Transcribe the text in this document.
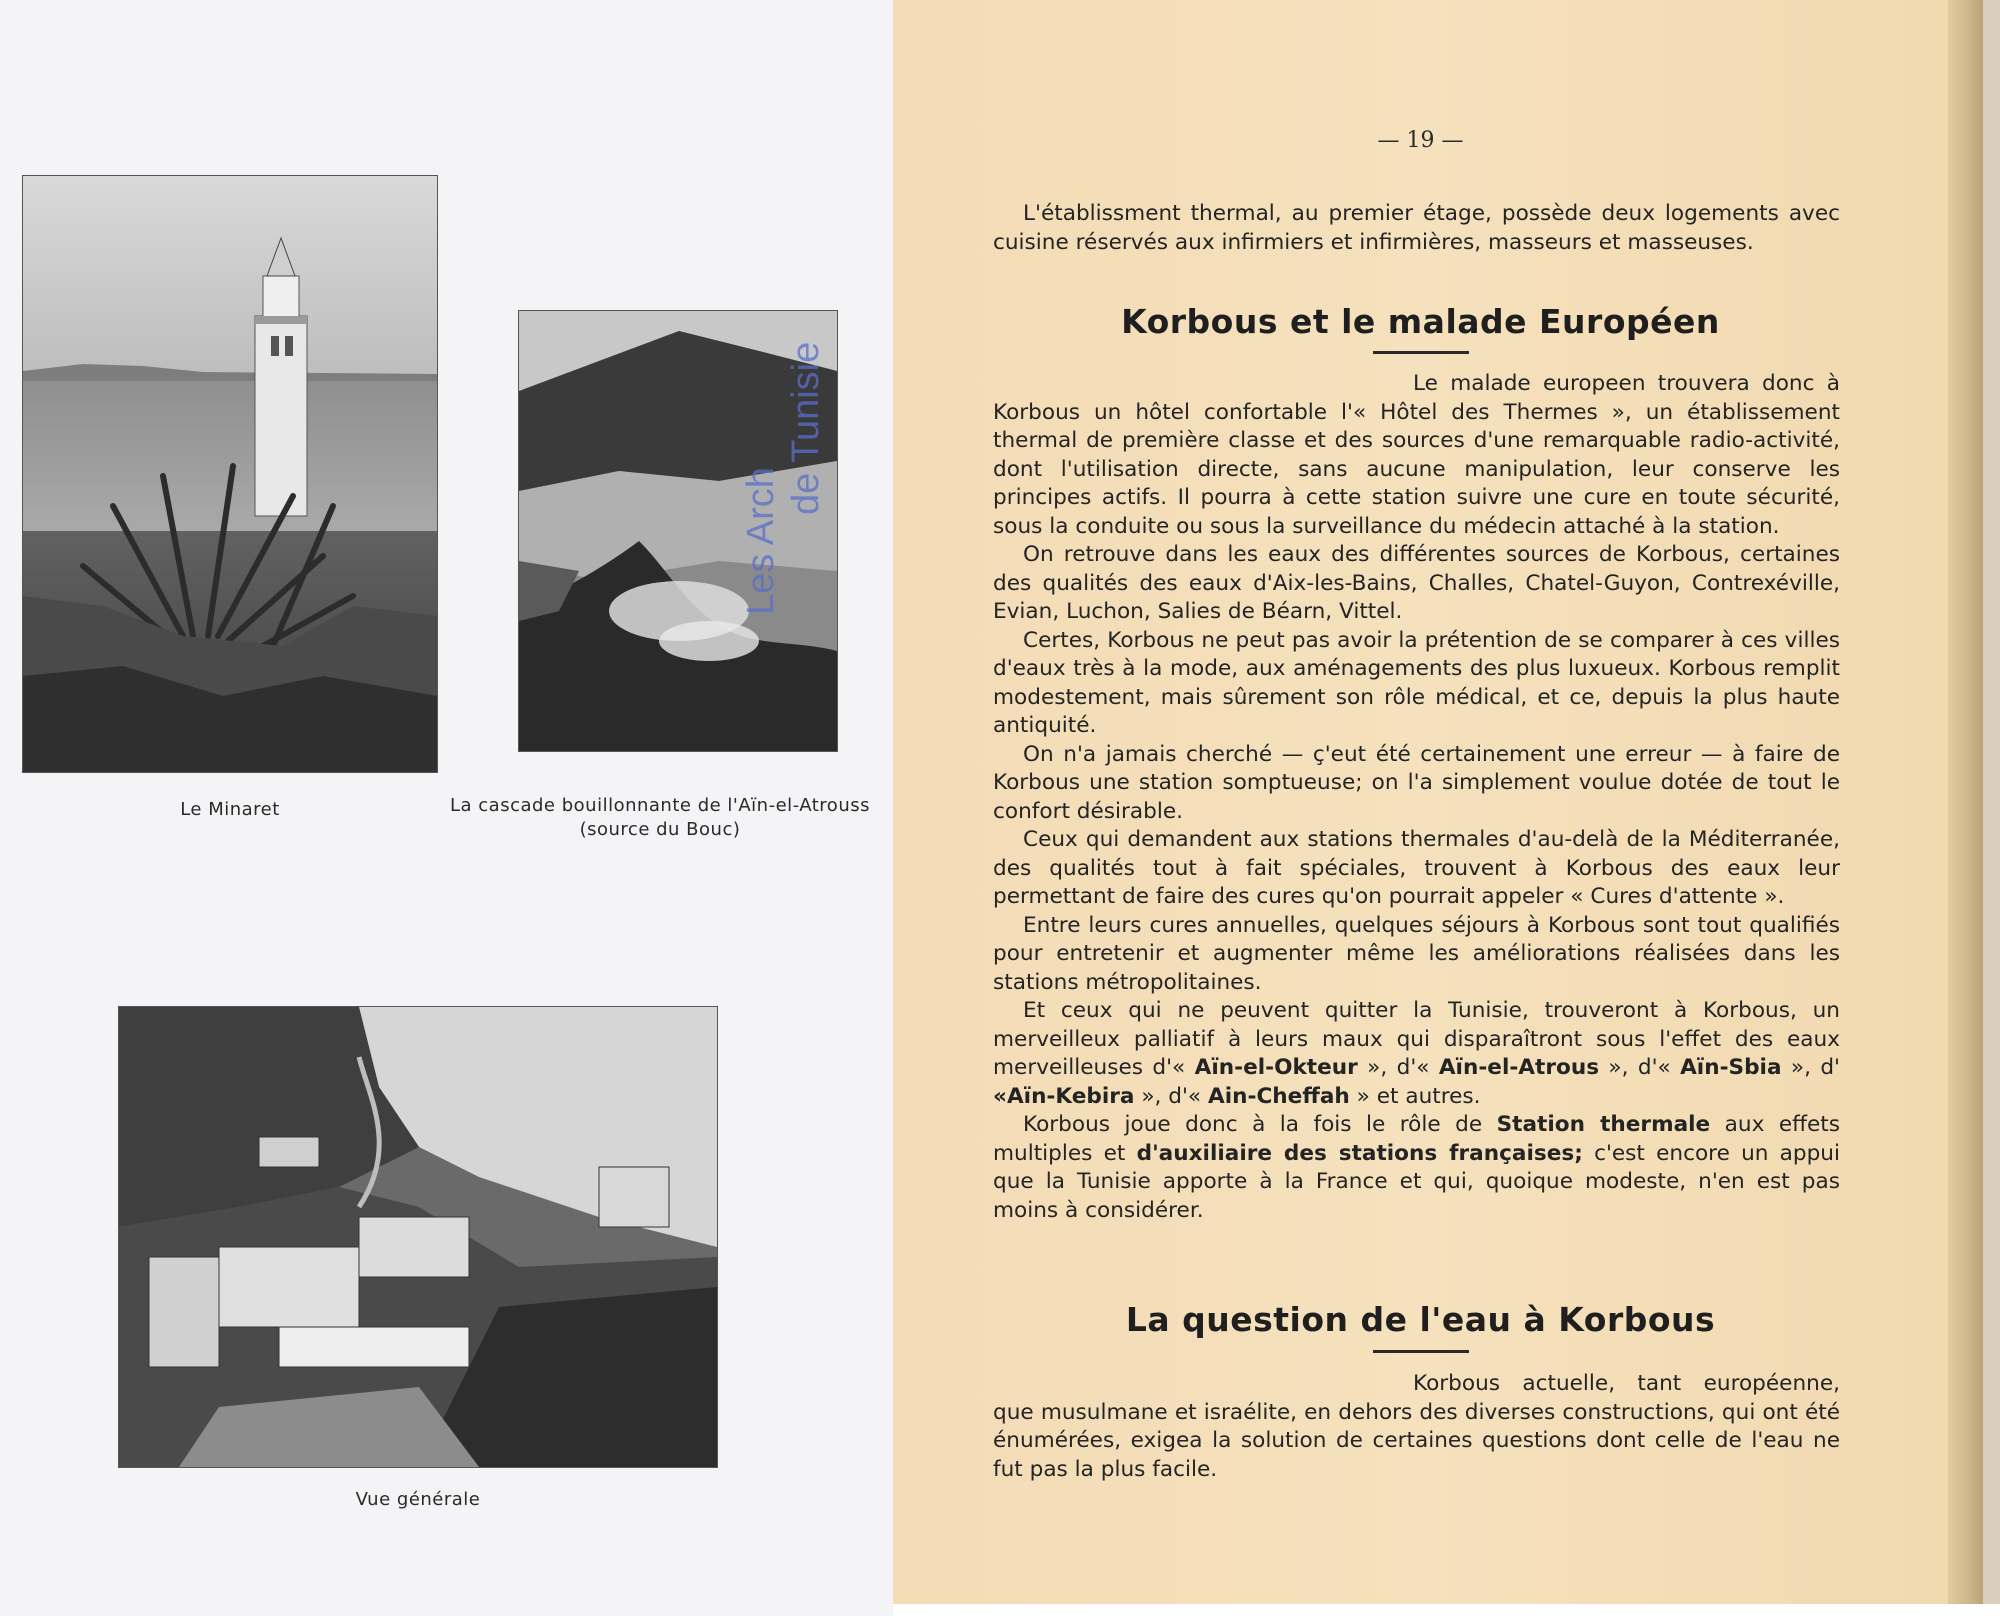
Le Minaret	La cascade bouillonnante de l'Aïn-el-Atrouss
(source du Bouc)
Vue générale
Les Arch
de Tunisie
— 19 —

L'établissment thermal, au premier étage, possède deux logements avec cuisine réservés aux infirmiers et infirmières, masseurs et masseuses.

Korbous et le malade Européen

Le malade europeen trouvera donc à Korbous un hôtel confortable l'« Hôtel des Thermes », un établissement thermal de première classe et des sources d'une remarquable radio-activité, dont l'utilisation directe, sans aucune manipulation, leur conserve les principes actifs. Il pourra à cette station suivre une cure en toute sécurité, sous la conduite ou sous la surveillance du médecin attaché à la station.

On retrouve dans les eaux des différentes sources de Korbous, certaines des qualités des eaux d'Aix-les-Bains, Challes, Chatel-Guyon, Contrexéville, Evian, Luchon, Salies de Béarn, Vittel.

Certes, Korbous ne peut pas avoir la prétention de se comparer à ces villes d'eaux très à la mode, aux aménagements des plus luxueux. Korbous remplit modestement, mais sûrement son rôle médical, et ce, depuis la plus haute antiquité.

On n'a jamais cherché — ç'eut été certainement une erreur — à faire de Korbous une station somptueuse; on l'a simplement voulue dotée de tout le confort désirable.

Ceux qui demandent aux stations thermales d'au-delà de la Méditerranée, des qualités tout à fait spéciales, trouvent à Korbous des eaux leur permettant de faire des cures qu'on pourrait appeler « Cures d'attente ».

Entre leurs cures annuelles, quelques séjours à Korbous sont tout qualifiés pour entretenir et augmenter même les améliorations réalisées dans les stations métropolitaines.

Et ceux qui ne peuvent quitter la Tunisie, trouveront à Korbous, un merveilleux palliatif à leurs maux qui disparaîtront sous l'effet des eaux merveilleuses d'« Aïn-el-Okteur », d'« Aïn-el-Atrous », d'« Aïn-Sbia », d' «Aïn-Kebira », d'« Ain-Cheffah » et autres.

Korbous joue donc à la fois le rôle de Station thermale aux effets multiples et d'auxiliaire des stations françaises; c'est encore un appui que la Tunisie apporte à la France et qui, quoique modeste, n'en est pas moins à considérer.

La question de l'eau à Korbous

Korbous actuelle, tant européenne, que musulmane et israélite, en dehors des diverses constructions, qui ont été énumérées, exigea la solution de certaines questions dont celle de l'eau ne fut pas la plus facile.
